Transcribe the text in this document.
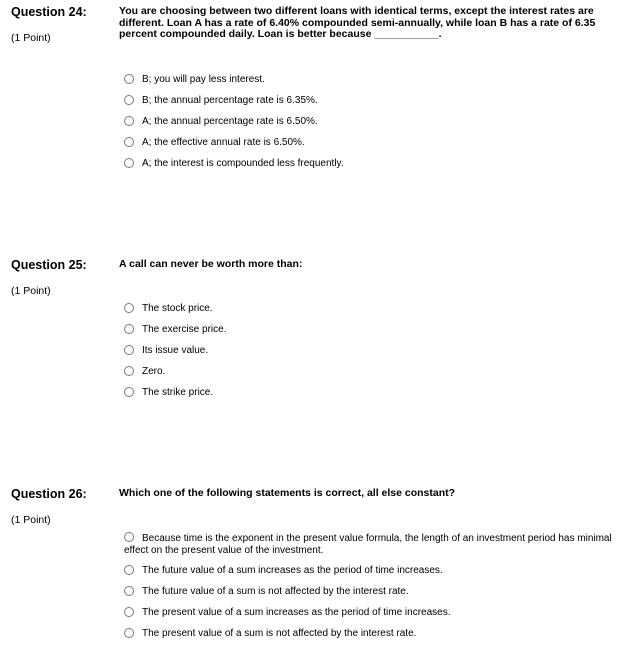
Question 24:
(1 Point)
You are choosing between two different loans with identical terms, except the interest rates are different. Loan A has a rate of 6.40% compounded semi-annually, while loan B has a rate of 6.35 percent compounded daily. Loan is better because ___________.
B; you will pay less interest.
B; the annual percentage rate is 6.35%.
A; the annual percentage rate is 6.50%.
A; the effective annual rate is 6.50%.
A; the interest is compounded less frequently.
Question 25:
(1 Point)
A call can never be worth more than:
The stock price.
The exercise price.
Its issue value.
Zero.
The strike price.
Question 26:
(1 Point)
Which one of the following statements is correct, all else constant?
Because time is the exponent in the present value formula, the length of an investment period has minimal effect on the present value of the investment.
The future value of a sum increases as the period of time increases.
The future value of a sum is not affected by the interest rate.
The present value of a sum increases as the period of time increases.
The present value of a sum is not affected by the interest rate.
